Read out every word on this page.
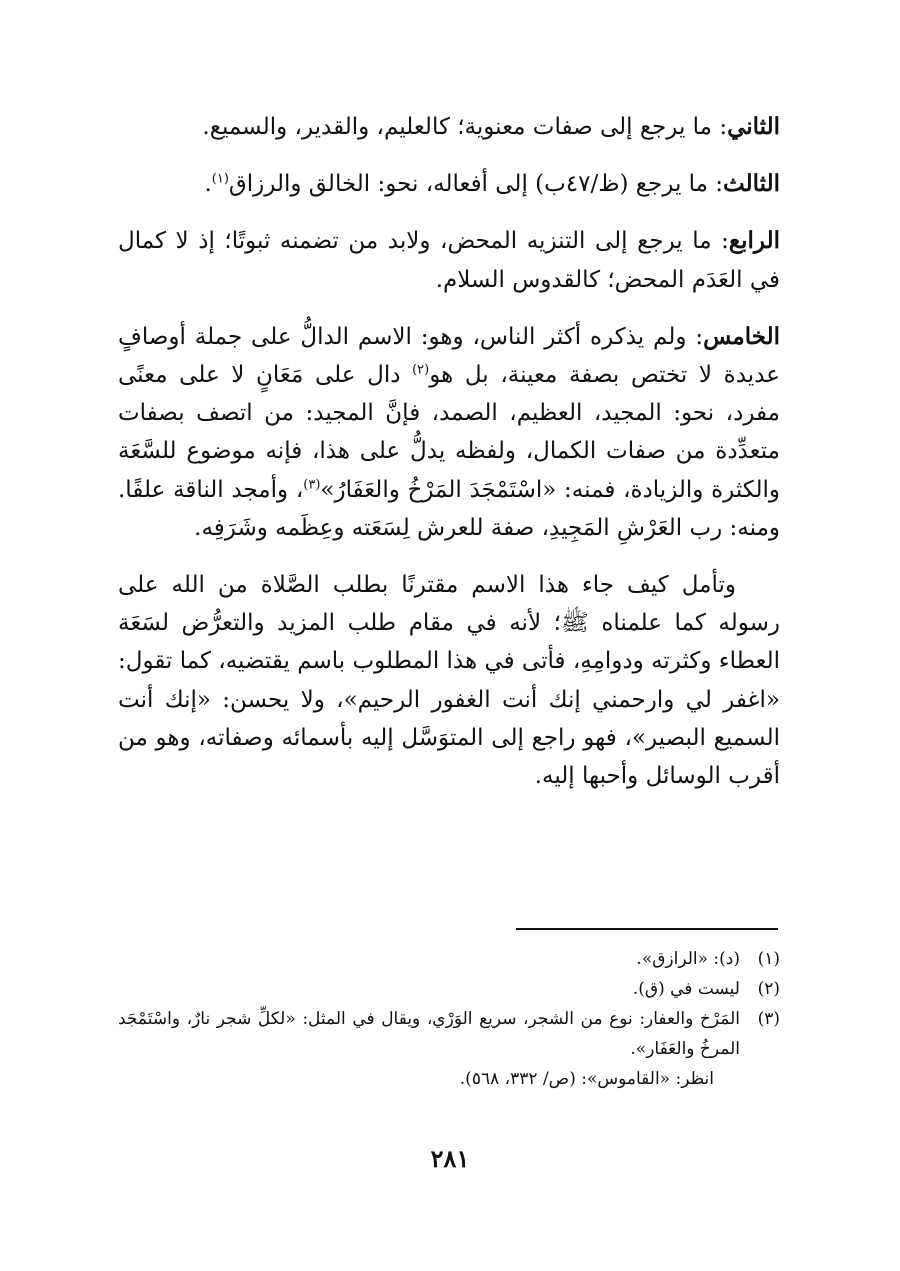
الثاني: ما يرجع إلى صفات معنوية؛ كالعليم، والقدير، والسميع.

الثالث: ما يرجع (ظ/٤٧ب) إلى أفعاله، نحو: الخالق والرزاق$^{(١)}$.

الرابع: ما يرجع إلى التنزيه المحض، ولابد من تضمنه ثبوتًا؛ إذ لا كمال في العَدَم المحض؛ كالقدوس السلام.

الخامس: ولم يذكره أكثر الناس، وهو: الاسم الدالُّ على جملة أوصافٍ عديدة لا تختص بصفة معينة، بل هو$^{(٢)}$ دال على مَعَانٍ لا على معنًى مفرد، نحو: المجيد، العظيم، الصمد، فإنَّ المجيد: من اتصف بصفات متعدِّدة من صفات الكمال، ولفظه يدلُّ على هذا، فإنه موضوع للسَّعَة والكثرة والزيادة، فمنه: «اسْتَمْجَدَ المَرْخُ والعَفَارُ»$^{(٣)}$، وأمجد الناقة علفًا. ومنه: رب العَرْشِ المَجِيدِ، صفة للعرش لِسَعَته وعِظَمه وشَرَفِه.

وتأمل كيف جاء هذا الاسم مقترنًا بطلب الصَّلاة من الله على رسوله كما علمناه ﷺ؛ لأنه في مقام طلب المزيد والتعرُّض لسَعَة العطاء وكثرته ودوامِهِ، فأتى في هذا المطلوب باسم يقتضيه، كما تقول: «اغفر لي وارحمني إنك أنت الغفور الرحيم»، ولا يحسن: «إنك أنت السميع البصير»، فهو راجع إلى المتوَسَّل إليه بأسمائه وصفاته، وهو من أقرب الوسائل وأحبها إليه.

(١)
(د): «الرازق».
(٢)
ليست في (ق).
(٣)
المَرْخ والعفار: نوع من الشجر، سريع الوَرْي، ويقال في المثل: «لكلِّ شجر نارٌ، واسْتَمْجَد المرخُ والعَفَار».
انظر: «القاموس»: (ص/ ٣٣٢، ٥٦٨).
٢٨١
